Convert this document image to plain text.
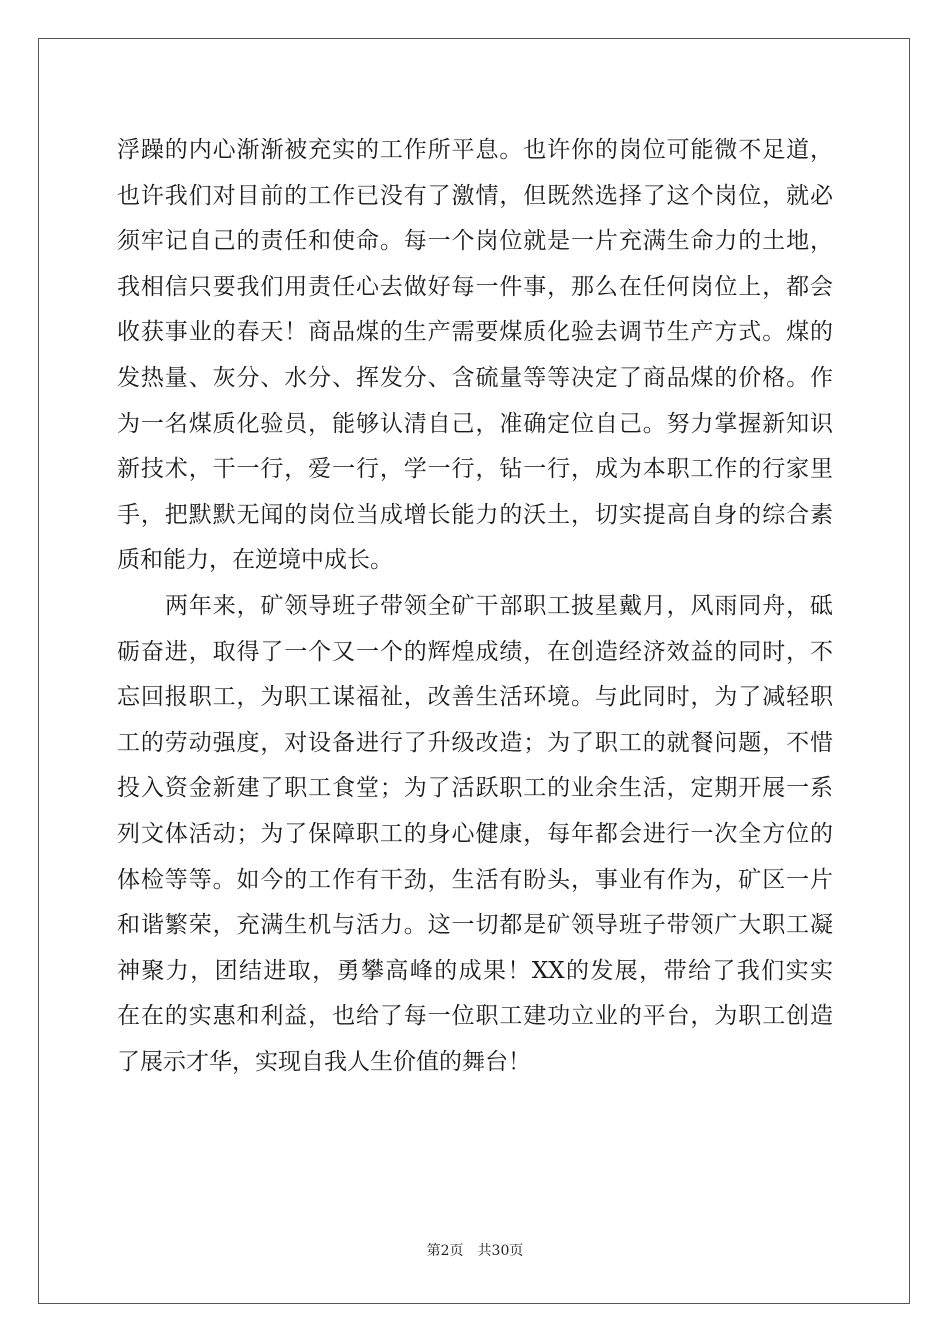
浮躁的内心渐渐被充实的工作所平息。也许你的岗位可能微不足道，
也许我们对目前的工作已没有了激情，但既然选择了这个岗位，就必
须牢记自己的责任和使命。每一个岗位就是一片充满生命力的土地，
我相信只要我们用责任心去做好每一件事，那么在任何岗位上，都会
收获事业的春天！商品煤的生产需要煤质化验去调节生产方式。煤的
发热量、灰分、水分、挥发分、含硫量等等决定了商品煤的价格。作
为一名煤质化验员，能够认清自己，准确定位自己。努力掌握新知识
新技术，干一行，爱一行，学一行，钻一行，成为本职工作的行家里
手，把默默无闻的岗位当成增长能力的沃土，切实提高自身的综合素
质和能力，在逆境中成长。
两年来，矿领导班子带领全矿干部职工披星戴月，风雨同舟，砥
砺奋进，取得了一个又一个的辉煌成绩，在创造经济效益的同时，不
忘回报职工，为职工谋福祉，改善生活环境。与此同时，为了减轻职
工的劳动强度，对设备进行了升级改造；为了职工的就餐问题，不惜
投入资金新建了职工食堂；为了活跃职工的业余生活，定期开展一系
列文体活动；为了保障职工的身心健康，每年都会进行一次全方位的
体检等等。如今的工作有干劲，生活有盼头，事业有作为，矿区一片
和谐繁荣，充满生机与活力。这一切都是矿领导班子带领广大职工凝
神聚力，团结进取，勇攀高峰的成果！XX的发展，带给了我们实实
在在的实惠和利益，也给了每一位职工建功立业的平台，为职工创造
了展示才华，实现自我人生价值的舞台！
第2页　共30页
